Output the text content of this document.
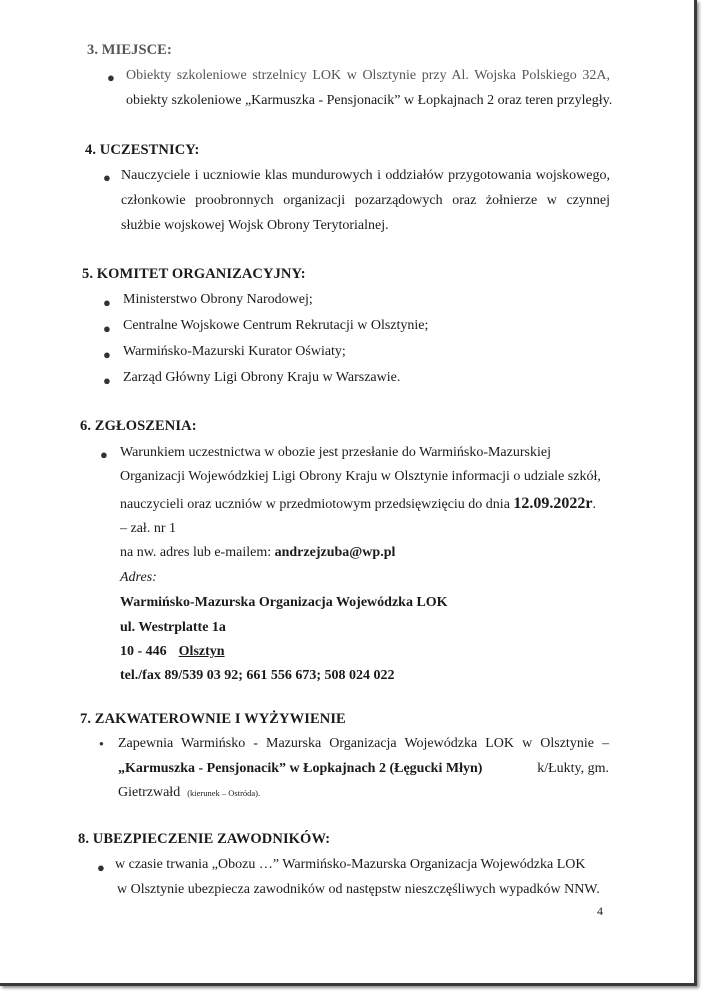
3. MIEJSCE:
● Obiekty szkoleniowe strzelnicy LOK w Olsztynie przy Al. Wojska Polskiego 32A,
obiekty szkoleniowe „Karmuszka - Pensjonacik” w Łopkajnach 2 oraz teren przyległy.
4. UCZESTNICY:
● Nauczyciele i uczniowie klas mundurowych i oddziałów przygotowania wojskowego,
członkowie proobronnych organizacji pozarządowych oraz żołnierze w czynnej
służbie wojskowej Wojsk Obrony Terytorialnej.
5. KOMITET ORGANIZACYJNY:
● Ministerstwo Obrony Narodowej;
● Centralne Wojskowe Centrum Rekrutacji w Olsztynie;
● Warmińsko-Mazurski Kurator Oświaty;
● Zarząd Główny Ligi Obrony Kraju w Warszawie.
6. ZGŁOSZENIA:
● Warunkiem uczestnictwa w obozie jest przesłanie do Warmińsko-Mazurskiej
Organizacji Wojewódzkiej Ligi Obrony Kraju w Olsztynie informacji o udziale szkół,
nauczycieli oraz uczniów w przedmiotowym przedsięwzięciu do dnia 12.09.2022r.
– zał. nr 1
na nw. adres lub e-mailem: andrzejzuba@wp.pl
Adres:
Warmińsko-Mazurska Organizacja Wojewódzka LOK
ul. Westrplatte 1a
10 - 446 Olsztyn
tel./fax 89/539 03 92; 661 556 673; 508 024 022
7. ZAKWATEROWNIE I WYŻYWIENIE
● Zapewnia Warmińsko - Mazurska Organizacja Wojewódzka LOK w Olsztynie –
„Karmuszka - Pensjonacik” w Łopkajnach 2 (Łęgucki Młyn)	k/Łukty, gm.
Gietrzwałd (kierunek – Ostróda).
8. UBEZPIECZENIE ZAWODNIKÓW:
● w czasie trwania „Obozu …” Warmińsko-Mazurska Organizacja Wojewódzka LOK
w Olsztynie ubezpiecza zawodników od następstw nieszczęśliwych wypadków NNW.
4
